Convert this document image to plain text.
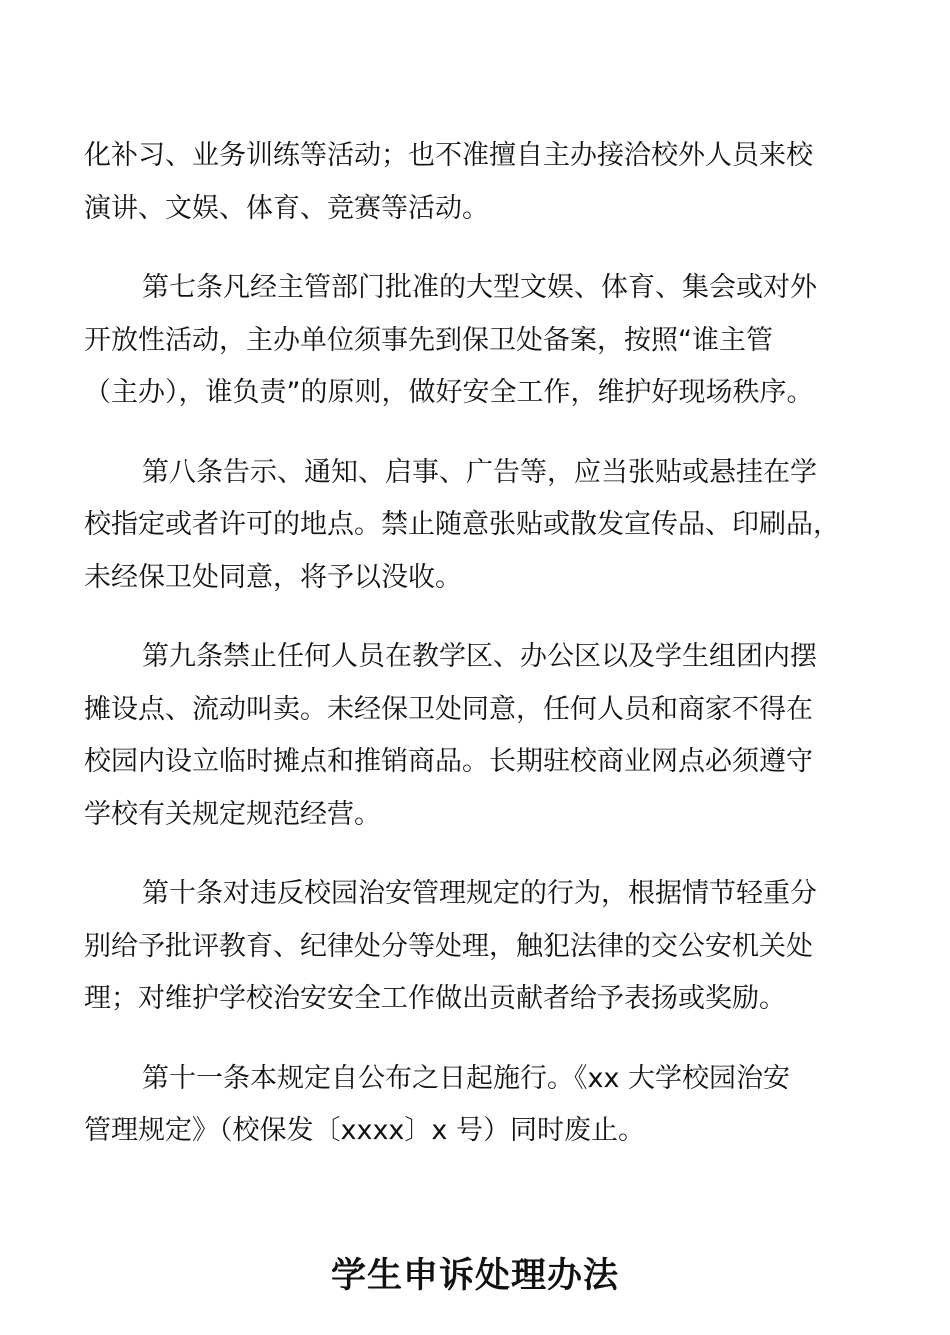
化补习、业务训练等活动；也不准擅自主办接洽校外人员来校
演讲、文娱、体育、竞赛等活动。

第七条凡经主管部门批准的大型文娱、体育、集会或对外
开放性活动，主办单位须事先到保卫处备案，按照“谁主管
（主办），谁负责”的原则，做好安全工作，维护好现场秩序。

第八条告示、通知、启事、广告等，应当张贴或悬挂在学
校指定或者许可的地点。禁止随意张贴或散发宣传品、印刷品，
未经保卫处同意，将予以没收。

第九条禁止任何人员在教学区、办公区以及学生组团内摆
摊设点、流动叫卖。未经保卫处同意，任何人员和商家不得在
校园内设立临时摊点和推销商品。长期驻校商业网点必须遵守
学校有关规定规范经营。

第十条对违反校园治安管理规定的行为，根据情节轻重分
别给予批评教育、纪律处分等处理，触犯法律的交公安机关处
理；对维护学校治安安全工作做出贡献者给予表扬或奖励。

第十一条本规定自公布之日起施行。《xx 大学校园治安
管理规定》（校保发〔xxxx〕x 号）同时废止。

学生申诉处理办法
